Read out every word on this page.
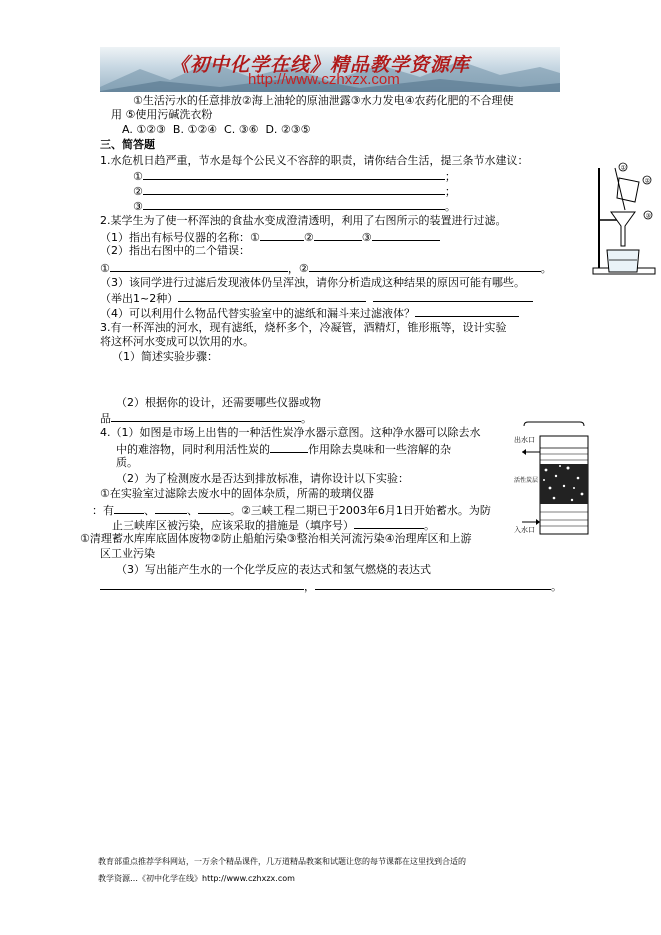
《初中化学在线》精品教学资源库
http://www.czhxzx.com
①生活污水的任意排放②海上油轮的原油泄露③水力发电④农药化肥的不合理使
用 ⑤使用污碱洗衣粉
A. ①②③ B. ①②④ C. ③⑥ D. ②③⑤
三、简答题
1.水危机日趋严重，节水是每个公民义不容辞的职责，请你结合生活，提三条节水建议：
①	；
②	；
③	。
①
②
③
2.某学生为了使一杯浑浊的食盐水变成澄清透明，利用了右图所示的装置进行过滤。
（1）指出有标号仪器的名称：①	②	③
（2）指出右图中的二个错误：
①	，②	。
（3）该同学进行过滤后发现液体仍呈浑浊，请你分析造成这种结果的原因可能有哪些。
（举出1~2种）
（4）可以利用什么物品代替实验室中的滤纸和漏斗来过滤液体？
3.有一杯浑浊的河水，现有滤纸，烧杯多个，冷凝管，酒精灯，锥形瓶等，设计实验
将这杯河水变成可以饮用的水。
（1）简述实验步骤：
（2）根据你的设计，还需要哪些仪器或物
品	。
出水口
活性炭层
入水口
4.（1）如图是市场上出售的一种活性炭净水器示意图。这种净水器可以除去水
中的难溶物，同时利用活性炭的	作用除去臭味和一些溶解的杂
质。
（2）为了检测废水是否达到排放标准，请你设计以下实验：
①在实验室过滤除去废水中的固体杂质，所需的玻璃仪器
：有	、	、	。②三峡工程二期已于2003年6月1日开始蓄水。为防
止三峡库区被污染，应该采取的措施是（填序号）	。
①清理蓄水库库底固体废物②防止船舶污染③整治相关河流污染④治理库区和上游
区工业污染
（3）写出能产生水的一个化学反应的表达式和氢气燃烧的表达式
，	。
教育部重点推荐学科网站，一万余个精品课件，几万道精品教案和试题让您的每节课都在这里找到合适的
教学资源…《初中化学在线》http://www.czhxzx.com
